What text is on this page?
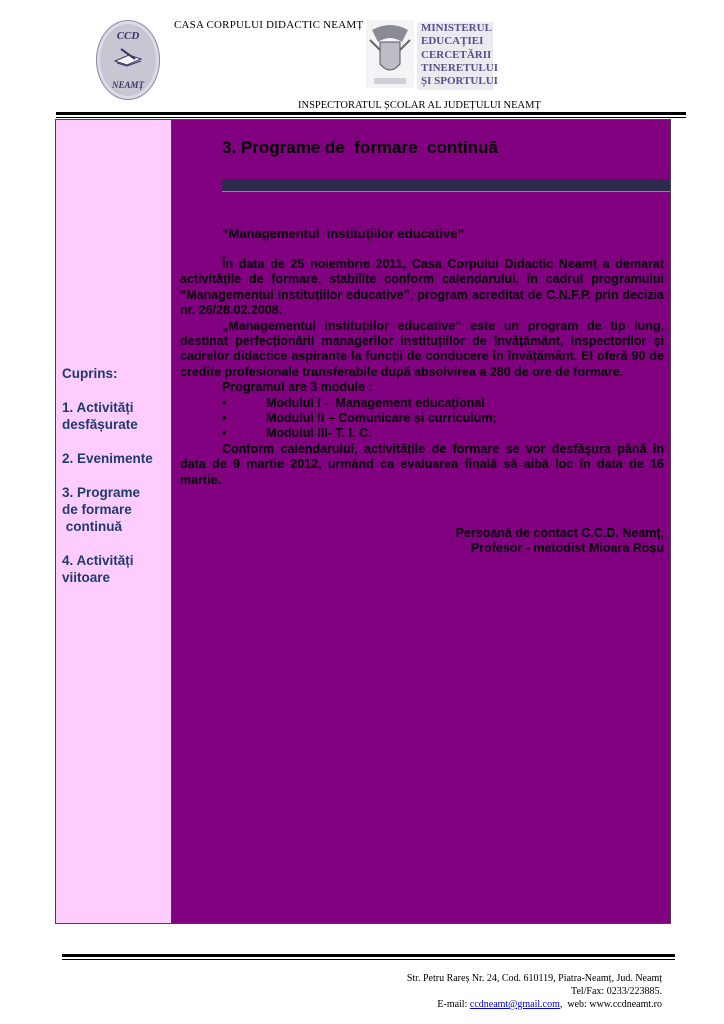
CCD
NEAMȚ
CASA CORPULUI DIDACTIC NEAMȚ	MINISTERUL
EDUCAȚIEI
CERCETĂRII
TINERETULUI
ȘI SPORTULUI
INSPECTORATUL ȘCOLAR AL JUDEȚULUI NEAMȚ

Cuprins:

1. Activități
desfășurate

2. Evenimente

3. Programe
de formare
continuă

4. Activități
viitoare

3. Programe de  formare  continuă
“Managementul  instituțiilor educative”

În data de 25 noiembrie 2011, Casa Corpului Didactic Neamț a demarat activitățile de formare, stabilite conform calendarului, în cadrul programului “Managementul instituțiilor educative”, program acreditat de C.N.F.P. prin decizia nr. 26/28.02.2008.

„Managementul instituțiilor educative” este un program de tip lung, destinat perfecționării managerilor instituțiilor de învățământ, inspectorilor și cadrelor didactice aspirante la funcții de conducere în învățământ. El oferă 90 de credite profesionale transferabile după absolvirea a 280 de ore de formare.

Programul are 3 module :

•	Modulul I -  Management educațional
•	Modulul II – Comunicare și curriculum;
•	Modulul III- T. I. C.

Conform calendarului, activitățile de formare se vor desfășura până în data de 9 martie 2012, urmând ca evaluarea finală să aibă loc în data de 16 martie.

Persoană de contact C.C.D. Neamț,
Profesor - metodist Mioara Roșu
Str. Petru Rareș Nr. 24, Cod. 610119, Piatra-Neamț, Jud. Neamț
Tel/Fax: 0233/223885.
E-mail: ccdneamt@gmail.com,  web: www.ccdneamt.ro
